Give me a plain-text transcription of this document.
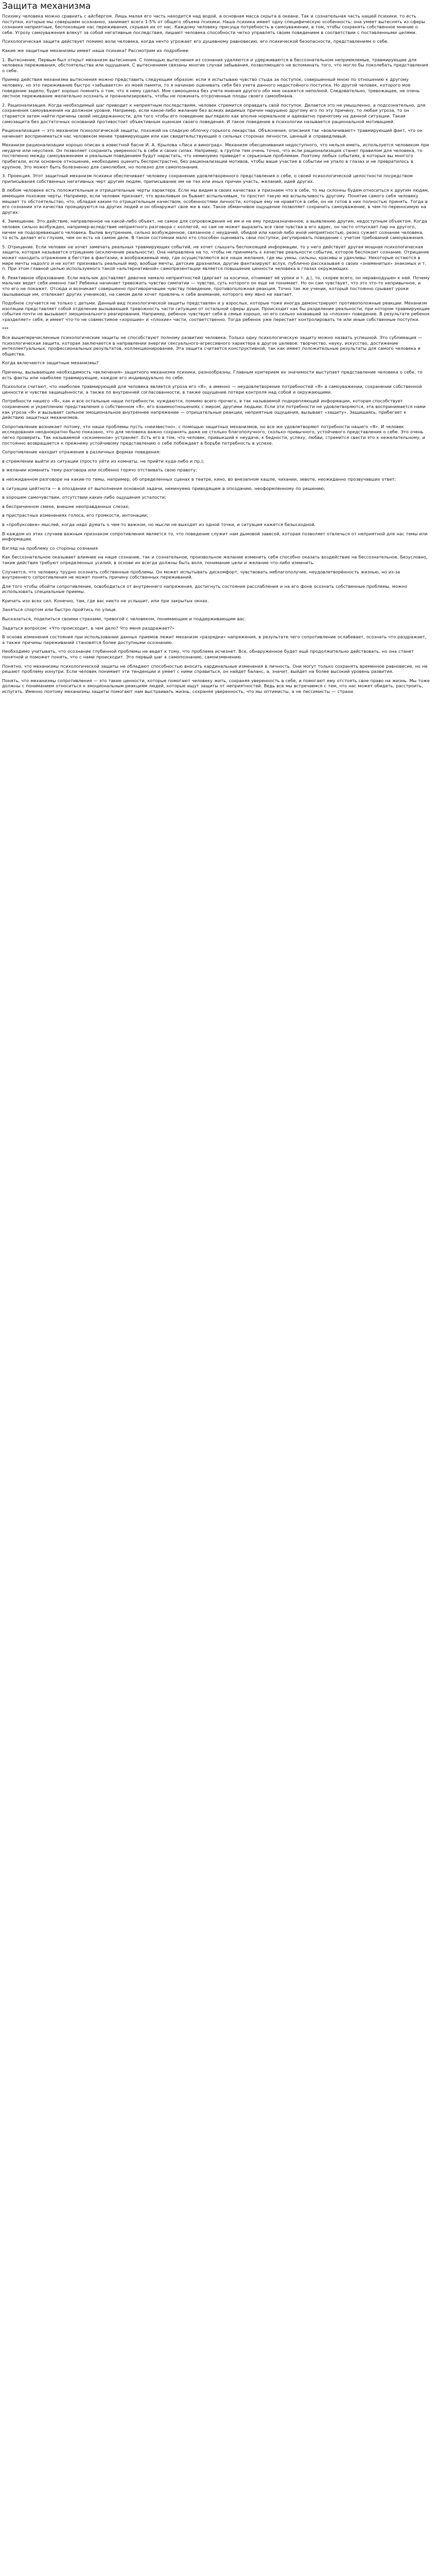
Защита механизма

Психику человека можно сравнить с айсбергом. Лишь малая его часть находится над водой, а основная масса скрыта в океане. Так и сознательная часть нашей психики, то есть поступки, которые мы совершаем осознанно, занимает всего 1-5% от общего объема психики. Наша психика имеет одну специфическую особенность: она умеет вытеснять из сферы сознания неприятные, беспокоящие нас переживания, скрывая их от нас. Каждому человеку присуща потребность в самоуважении, в том, чтобы сохранять собственное мнение о себе. Угрозу самоуважения влекут за собой негативные последствия, лишают человека способности четко управлять своим поведением в соответствии с поставленными целями.

Психологическая защита действует помимо воли человека, когда нечто угрожает его душевному равновесию, его психической безопасности, представлениям о себе.

Какие же защитные механизмы имеет наша психика? Рассмотрим их подробнее:

1. Вытеснение. Первым был открыт механизм вытеснения. С помощью вытеснения из сознания удаляются и удерживаются в бессознательном неприемлемые, травмирующие для человека переживания, обстоятельства или ощущения. С вытеснением связаны многие случаи забывания, позволяющего не вспоминать того, что могло бы поколебать представления о себе.

Пример действия механизма вытеснения можно представить следующим образом: если я испытываю чувство стыда за поступок, совершенный мною по отношению к другому человеку, но это переживание быстро «забывается» из моей памяти, то я начинаю оценивать себя без учета данного недостойного поступка. Но другой человек, которого мое поведение задело, будет хорошо помнить о том, что я нему сделал. Мое самооценка без учета мнения другого обо мне окажется неполной. Следовательно, тревожащее, не очень лестное переживание желательно осознать и проанализировать, чтобы не пожинать отсроченные плоды своего самообмана.

2. Рационализация. Когда необходимый шаг приводит к неприятным последствиям, человек стремится оправдать свой поступок. Делается это не умышленно, а подсознательно, для сохранения самоуважения на должном уровне. Например, если какое-либо желание без всяких видимых причин нарушено другому его по эту причину, то любая угроза, то он старается затем найти причины своей несдержанности, для того чтобы его поведение выглядело как вполне нормальное и адекватно принятому на данной ситуации. Такая самозащита без достаточных оснований противостоит объективным оценкам своего поведения. И такое поведение в психологии называется рациональной мотивацией.

Рационализация — это механизм психологической защиты, похожий на сладкую облочку горького лекарства. Объяснения, описания так «вовлачивают» травмирующий факт, что он начинает восприниматься нас человеком менее травмирующим или как свидетельствующий о сильных сторонах личности, ценный и справедливый.

Механизм рационализации хорошо описан в известной басне И. А. Крылова «Лиса и виноград». Механизм обесценивания недоступного, что нельзя иметь, используется человеком при неудаче или неуспехе. Он позволяет сохранить уверенность в себе и своих силах. Например, в группе тем очень точно, что если рационализация станет правилом для человека, то постепенно между самоуважением и реальным поведением будут нарастать, что неминуемо приведет к серьезным проблемам. Поэтому любых событиях, в которых вы многого прибегали, если основное отношение, необходимо оценить беспристрастно, без рационализации мотивов, чтобы ваше участие в событии не упало в глазах и не превратилось в крупное. Это может быть болезненно для самолюбия, но полезно для самопознания.

3. Проекция. Этот защитный механизм психики обеспечивает человеку сохранение удовлетворенного представления о себе, о своей психологической целостности посредством приписывания собственных негативных черт другим людям, приписывание им не тех или иных причин участь, желаний, идей других.

В любом человеке есть положительные и отрицательные черты характера. Если мы видим в своих качествах и признаем что в себе, то мы склонны будем относиться к другим людям, имеющим похожие черты. Например, если человек признает, что вранливым он бывает вспыльчивым, то простит такую же вспыльчивость другому. Понятие самого себя человеку мешает то обстоятельство, что, обладая каким-то отрицательным качеством, особенностями личности, которые ему не нравятся в себе, он не готов в них полностью принять. Тогда в его сознании эти качества проецируются на других людей и он обнаружит свое же в них. Такое обманчивое ощущение позволяет сохранить самоуважение, в чем-то переносимую на других.

4. Замещение. Это действие, направленное на какой-либо объект, не самое для сопровождения не им и не ему предназначенное, а выявлению другим, недоступным объектом. Когда человек сильно возбужден, например-вследствие неприятного разговора с коллегой, но сам не может выразить все свое чувства в его адрес, он часто отпускает пар на другого, ничем не подозревающего человека. Вылив внутренние, сильно возбужденное, связанное с неудачей, обидой или какой-либо иной неприятностью, резко сужает сознание человека, то есть делает его глухим, чем он есть на самом деле. В таком состоянии мало кто способен оценивать свои поступки, регулировать поведение с учетом требований самоуважения.

5. Отрицание. Если человек не хочет замечать реальных травмирующих событий, не хочет слышать беспокоящей информации, то у него действует другая мощная психологическая защита, которая называется отрицание (исключение реальности). Она направлена на то, чтобы не принимать к качестве реальности событие, которое беспокоит сознание. Отрицание может находить отражение в бегстве в фантазии, в воображаемый мир, где осуществляются все наши желания, где мы умны, сильны, красивы и удачливы. Некоторые остаются в мире мечты надолго и не хотят признавать реальный мир, вообще мечты, детские дразнилки, другие фантазируют вслух, публично рассказывая о своих «знаменитых» знакомых и т. п. При этом главной целью используемого такой «альтернативной» самопрезентации является повышение ценности человека в глазах окружающих.

6. Реактивное образование. Если мальчик доставляет девочке немало неприятностей (дергает за косички, отнимает её уроки и т. д.), то, скорее всего, он неравнодушен к ней. Почему мальчик ведет себя именно так? Ребенка начинает тревожить чувство симпатии — чувство, суть которого он еще не понимает. Но он сам чувствует, что это что-то непривычное, и что его не покажет. Отсюда и возникает совершенно противоречащее чувству поведение, противоположная реакция. Точно так же ученик, который постоянно срывает уроки (вызывающе им, отвлекает других учеников), на самом деле хочет привлечь к себе внимание, которого ему явно не хватает.

Подобное случается не только с детьми. Данный вид психологической защиты представлен и у взрослых, которые тоже иногда демонстрируют противоположные реакции. Механизм изоляции представляет собой отделение вызывающей тревожность части ситуации от остальной сферы души. Происходит как бы разделение реальности, при котором травмирующие события почти не вызывают эмоционального реагирования. Например, ребенок чувствует себя в семье хорошо, но его сильно назвавшей за «плохое» поведение. В результате ребенок «разделяет» себя, и имеет что-то не совместимое «хорошие» и «плохие» части, соответственно. Тогда ребенок уже перестает контролировать те или иные собственные поступки.

***

Все вышеперечисленные психологические защиты не способствуют полному развитию человека. Только одну психологическую защиту можно назвать успешной. Это сублимация — психологическая защита, которая заключается в направлении энергии сексуального-агрессивного характера в другое целевое: творчество, науку, искусство, достижение интеллектуальных, профессиональных результатов, коллекционирование. Эта защита считается конструктивной, так как имеет положительные результаты для самого человека и общества.

Когда включаются защитные механизмы?

Причины, вызывающие необходимость «включения» защитного механизма психики, разнообразны. Главным критерием их значимости выступает представление человека о себе, то есть факты или наиболее травмирующие, каждое его индивидуально по себе.

Психологи считают, что наиболее травмирующей для человека является угроза его «Я», а именно — неудовлетворение потребностей «Я» в самоуважении, сохранении собственной ценности и чувстве защищённости, а также по внутренней согласованности, в также ощущение потери контроля над собой и окружающими.

Потребности нашего «Я», как и все остальные наши потребности, нуждаются, помимо всего прочего, в так называемой подкрепляющей информации, которая способствует сохранению и укреплению представления о собственном «Я», его взаимоотношениях с миром, другими людьми. Если эти потребности не удовлетворяются, эта воспринимается нами как угроза «Я» и вызывает сильное эмоциональное внутреннее напряжение — отрицательные реакции, неприятные ощущения, вызывает «защиту». Защищаясь, прибегает к действию защитных механизмов.

Сопротивление возникает потому, что наши проблемы пусть «неизвестно», с помощью защитных механизмов, но все же удовлетворяют потребности нашего «Я». И человек исследования неоднократно было показано, что для человека важно сохранять даже не столько благополучного, сколько привычного, устойчивого представления о себе. Это очень легко проверить. Так называемой «эскоменное» устраняет. Есть его в том, что человек, привыкший к неудаче, к бедности, успеху, любви, стремится свести это к нежелательному, и постоянно возвращается к прежнему устойчивому представлению о себе побеждает в борьбе потребность в успехе.

Сопротивление находит отражение в различных формах поведения:

в стремлении выйти из ситуации (просто уйти из комнаты, не прийти куда-либо и пр.);

в желании изменить тему разговора или особенно горячо отстаивать свою правоту;

в неожиданном разговоре на какие-то темы, например, об определенных сценах в театре, кино, во внезапном кашле, чихании, зевоте, неожиданно прозвучавших ответ;

в ситуации цейтнота — в опоздании от выполнения основной задачи, неминуемо приводящем в опозданию, неоформленному по решению;

в хорошем самочувствии, отсутствии каких-либо ощущения усталости;

в беспричинном смехе, внешне неоправданных слезах;

в пристрастных изменениях голоса, его громкости, интонации;

в «пробуксовке» мыслей, когда надо думать о чем-то важном, но мысли не выходят из одной точки, и ситуация кажется безысходной.

В каждом из этих случаев важным признаком сопротивления является то, что поведение служит нам дымовой завесой, которая позволяет отвлечься от неприятной для нас темы или информации.

Взгляд на проблему со стороны сознания

Как бессознательное оказывает влияние на наше сознание, так и сознательное, произвольное желание изменить себя способно оказать воздействие на бессознательное. Безусловно, такие действия требуют определенных усилий, в основе их всегда должны быть воля, понимание цели и желание что-либо изменить.

Случается, что человеку трудно осознать собственные проблемы. Он может испытывать дискомфорт, чувствовать неблагополучие, неудовлетворённость жизнью, но из-за внутреннего сопротивления не может понять причину собственных переживаний.

Для того чтобы обойти сопротивление, освободиться от внутреннего напряжения, достигнуть состояния расслабления и на его фоне осознать собственные проблемы, можно использовать специальные приемы.

Кричать изо всех сил. Конечно, там, где вас никто не услышит, или при закрытых окнах.

Заняться спортом или быстро пройтись по улице.

Высказаться, поделиться своими страхами, тревогой с человеком, понимающим и поддерживающим вас.

Задаться вопросом: «Что происходит, в чем дело? Что меня раздражает?»

В основе изменения состояния при использовании данных приемов лежит механизм «разрядки» напряжения, в результате чего сопротивление ослабевает, осознать что раздражает, а также причины переживаний становятся более доступными осознанию.

Необходимо учитывать, что осознание глубинной проблемы не ведет к тому, что проблема исчезнет. Все, обнаруженное будет ещё продолжительно действовать, но она станет понятной и поможет понять, что с нами происходит. Это первый шаг к самопознанию, самоизменению.

Понятно, что механизмы психологической защиты не обладают способностью вносить кардинальные изменения в личность. Они могут только сохранять временное равновесие, но не решают проблему изнутри. Если человек понимает эти тенденции и умеет с ними справиться, он найдет баланс, а, значит, выйдет на более высокий уровень развития.

Понять, что механизмы сопротивления — это такие ценности, которые помогают человеку жить, сохраняя уверенность в себе, и помогают ему отстоять свое право на жизнь. Мы тоже должны с пониманием относиться к эмоциональным реакциям людей, которые ищут защиты от неприятностей. Ведь все мы встречаемся с тем, что нас может обидеть, расстроить, испугать. Именно поэтому механизмы защиты помогают нам выстраивать жизнь, сохраняя уверенность, что мы оптимисты, а не пессимисты — страхи.
